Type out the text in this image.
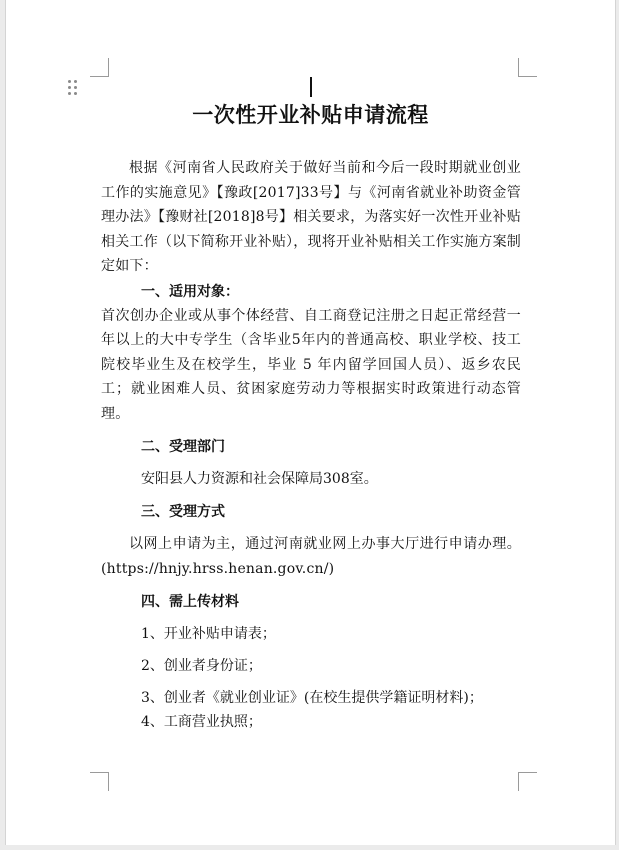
一次性开业补贴申请流程

根据《河南省人民政府关于做好当前和今后一段时期就业创业工作的实施意见》【豫政[2017]33号】与《河南省就业补助资金管理办法》【豫财社[2018]8号】相关要求，为落实好一次性开业补贴相关工作（以下简称开业补贴），现将开业补贴相关工作实施方案制定如下：

一、适用对象：

首次创办企业或从事个体经营、自工商登记注册之日起正常经营一年以上的大中专学生（含毕业5年内的普通高校、职业学校、技工院校毕业生及在校学生，毕业 5 年内留学回国人员）、返乡农民工；就业困难人员、贫困家庭劳动力等根据实时政策进行动态管理。

二、受理部门

安阳县人力资源和社会保障局308室。

三、受理方式

以网上申请为主，通过河南就业网上办事大厅进行申请办理。(https://hnjy.hrss.henan.gov.cn/)

四、需上传材料

1、开业补贴申请表；

2、创业者身份证；

3、创业者《就业创业证》(在校生提供学籍证明材料)；

4、工商营业执照；
